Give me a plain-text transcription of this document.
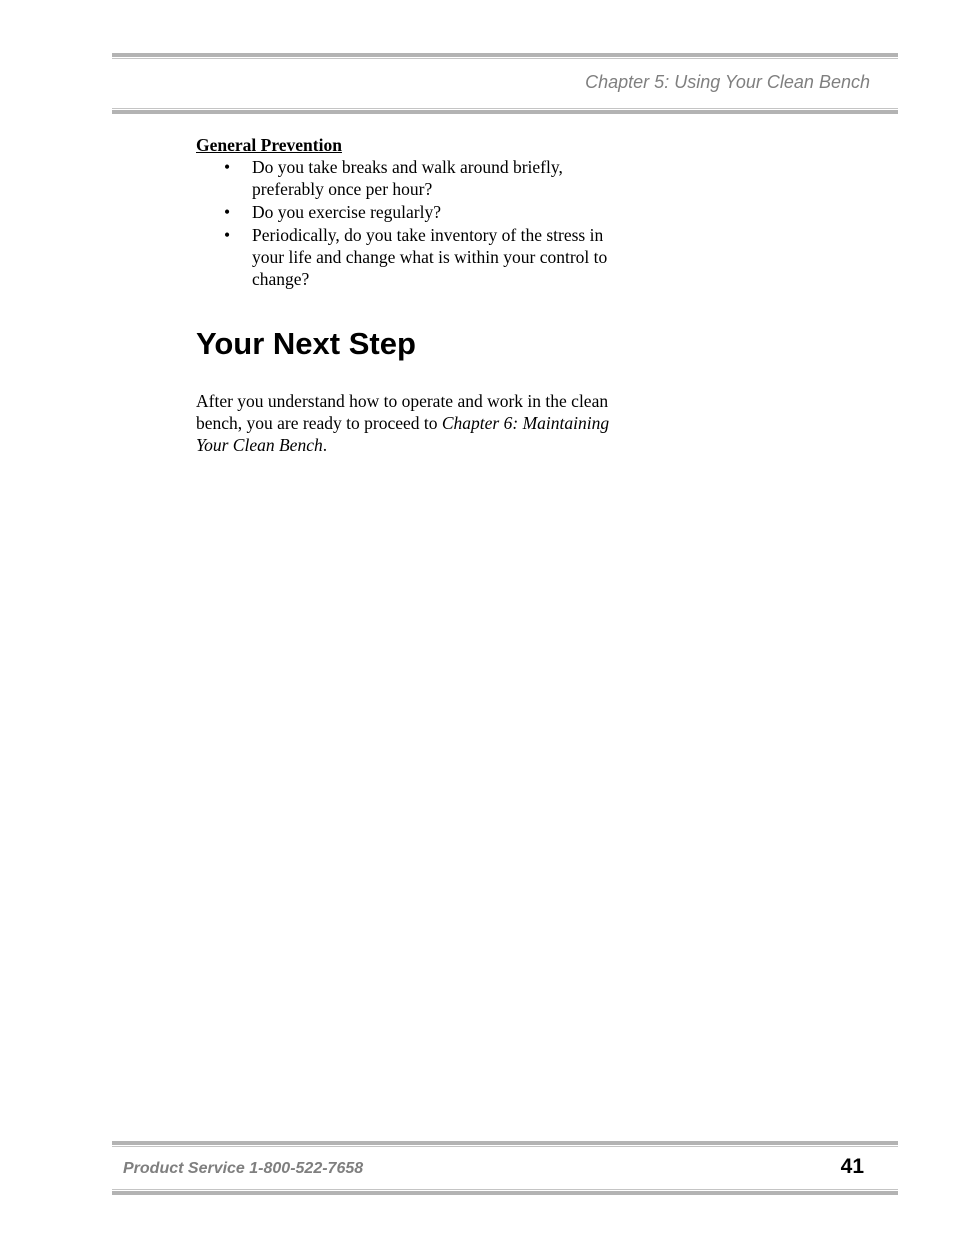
Chapter 5: Using Your Clean Bench
General Prevention
• Do you take breaks and walk around briefly, preferably once per hour?
• Do you exercise regularly?
• Periodically, do you take inventory of the stress in your life and change what is within your control to change?
Your Next Step

After you understand how to operate and work in the clean bench, you are ready to proceed to Chapter 6: Maintaining Your Clean Bench.

Product Service 1-800-522-7658	41
